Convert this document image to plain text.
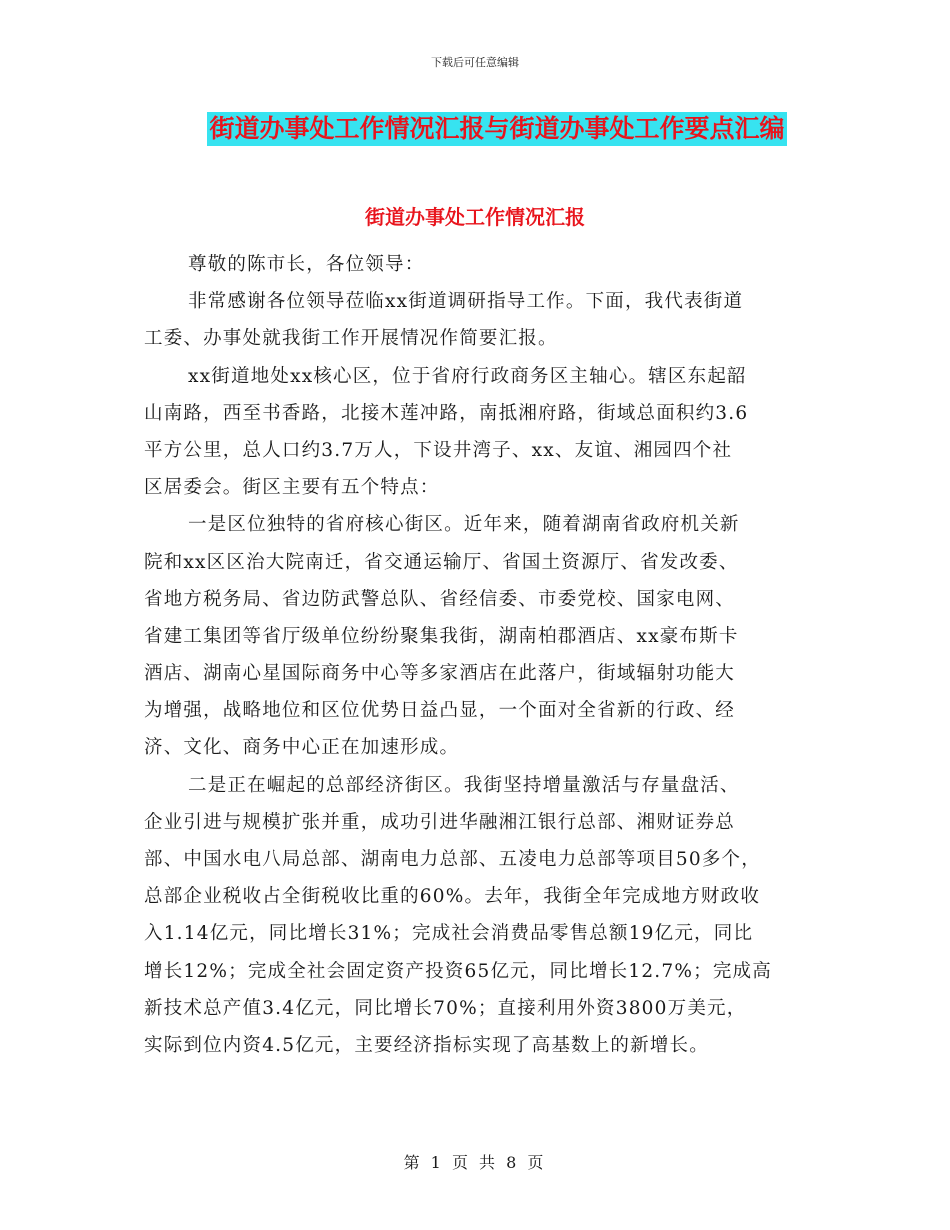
下载后可任意编辑
街道办事处工作情况汇报与街道办事处工作要点汇编
街道办事处工作情况汇报
尊敬的陈市长，各位领导：
非常感谢各位领导莅临xx街道调研指导工作。下面，我代表街道
工委、办事处就我街工作开展情况作简要汇报。
xx街道地处xx核心区，位于省府行政商务区主轴心。辖区东起韶
山南路，西至书香路，北接木莲冲路，南抵湘府路，街域总面积约3.6
平方公里，总人口约3.7万人，下设井湾子、xx、友谊、湘园四个社
区居委会。街区主要有五个特点：
一是区位独特的省府核心街区。近年来，随着湖南省政府机关新
院和xx区区治大院南迁，省交通运输厅、省国土资源厅、省发改委、
省地方税务局、省边防武警总队、省经信委、市委党校、国家电网、
省建工集团等省厅级单位纷纷聚集我街，湖南柏郡酒店、xx豪布斯卡
酒店、湖南心星国际商务中心等多家酒店在此落户，街域辐射功能大
为增强，战略地位和区位优势日益凸显，一个面对全省新的行政、经
济、文化、商务中心正在加速形成。
二是正在崛起的总部经济街区。我街坚持增量激活与存量盘活、
企业引进与规模扩张并重，成功引进华融湘江银行总部、湘财证券总
部、中国水电八局总部、湖南电力总部、五凌电力总部等项目50多个，
总部企业税收占全街税收比重的60%。去年，我街全年完成地方财政收
入1.14亿元，同比增长31%；完成社会消费品零售总额19亿元，同比
增长12%；完成全社会固定资产投资65亿元，同比增长12.7%；完成高
新技术总产值3.4亿元，同比增长70%；直接利用外资3800万美元，
实际到位内资4.5亿元，主要经济指标实现了高基数上的新增长。
第 1 页 共 8 页
